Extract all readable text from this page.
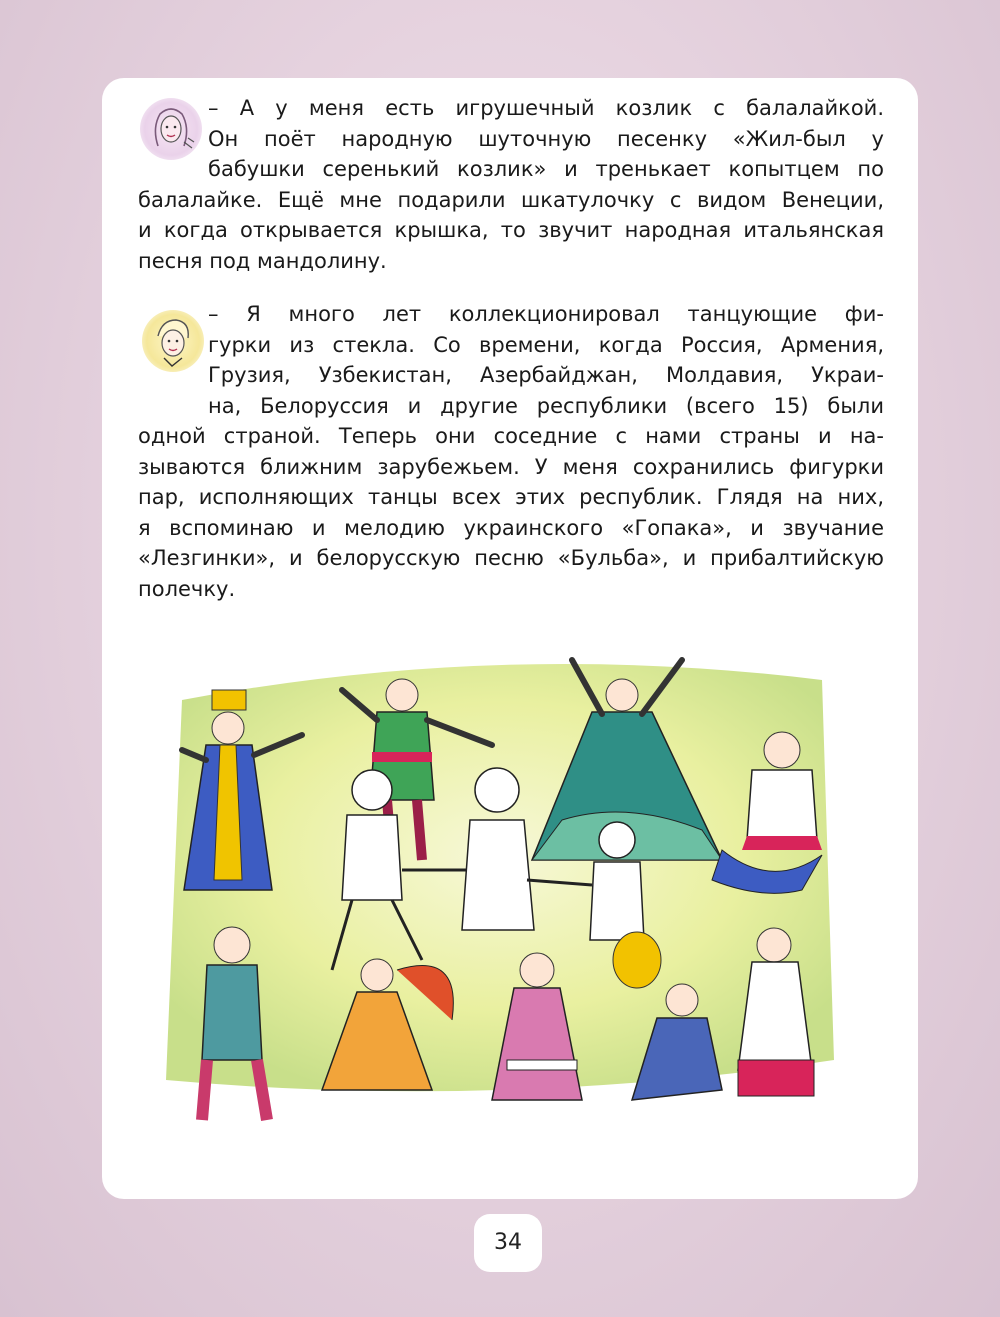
– А у меня есть игрушечный козлик с балалайкой.
Он поёт народную шуточную песенку «Жил-был у
бабушки серенький козлик» и тренькает копытцем по
балалайке. Ещё мне подарили шкатулочку с видом Венеции,
и когда открывается крышка, то звучит народная итальянская
песня под мандолину.
– Я много лет коллекционировал танцующие фи-
гурки из стекла. Со времени, когда Россия, Армения,
Грузия, Узбекистан, Азербайджан, Молдавия, Украи-
на, Белоруссия и другие республики (всего 15) были
одной страной. Теперь они соседние с нами страны и на-
зываются ближним зарубежьем. У меня сохранились фигурки
пар, исполняющих танцы всех этих республик. Глядя на них,
я вспоминаю и мелодию украинского «Гопака», и звучание
«Лезгинки», и белорусскую песню «Бульба», и прибалтийскую
полечку.
34
